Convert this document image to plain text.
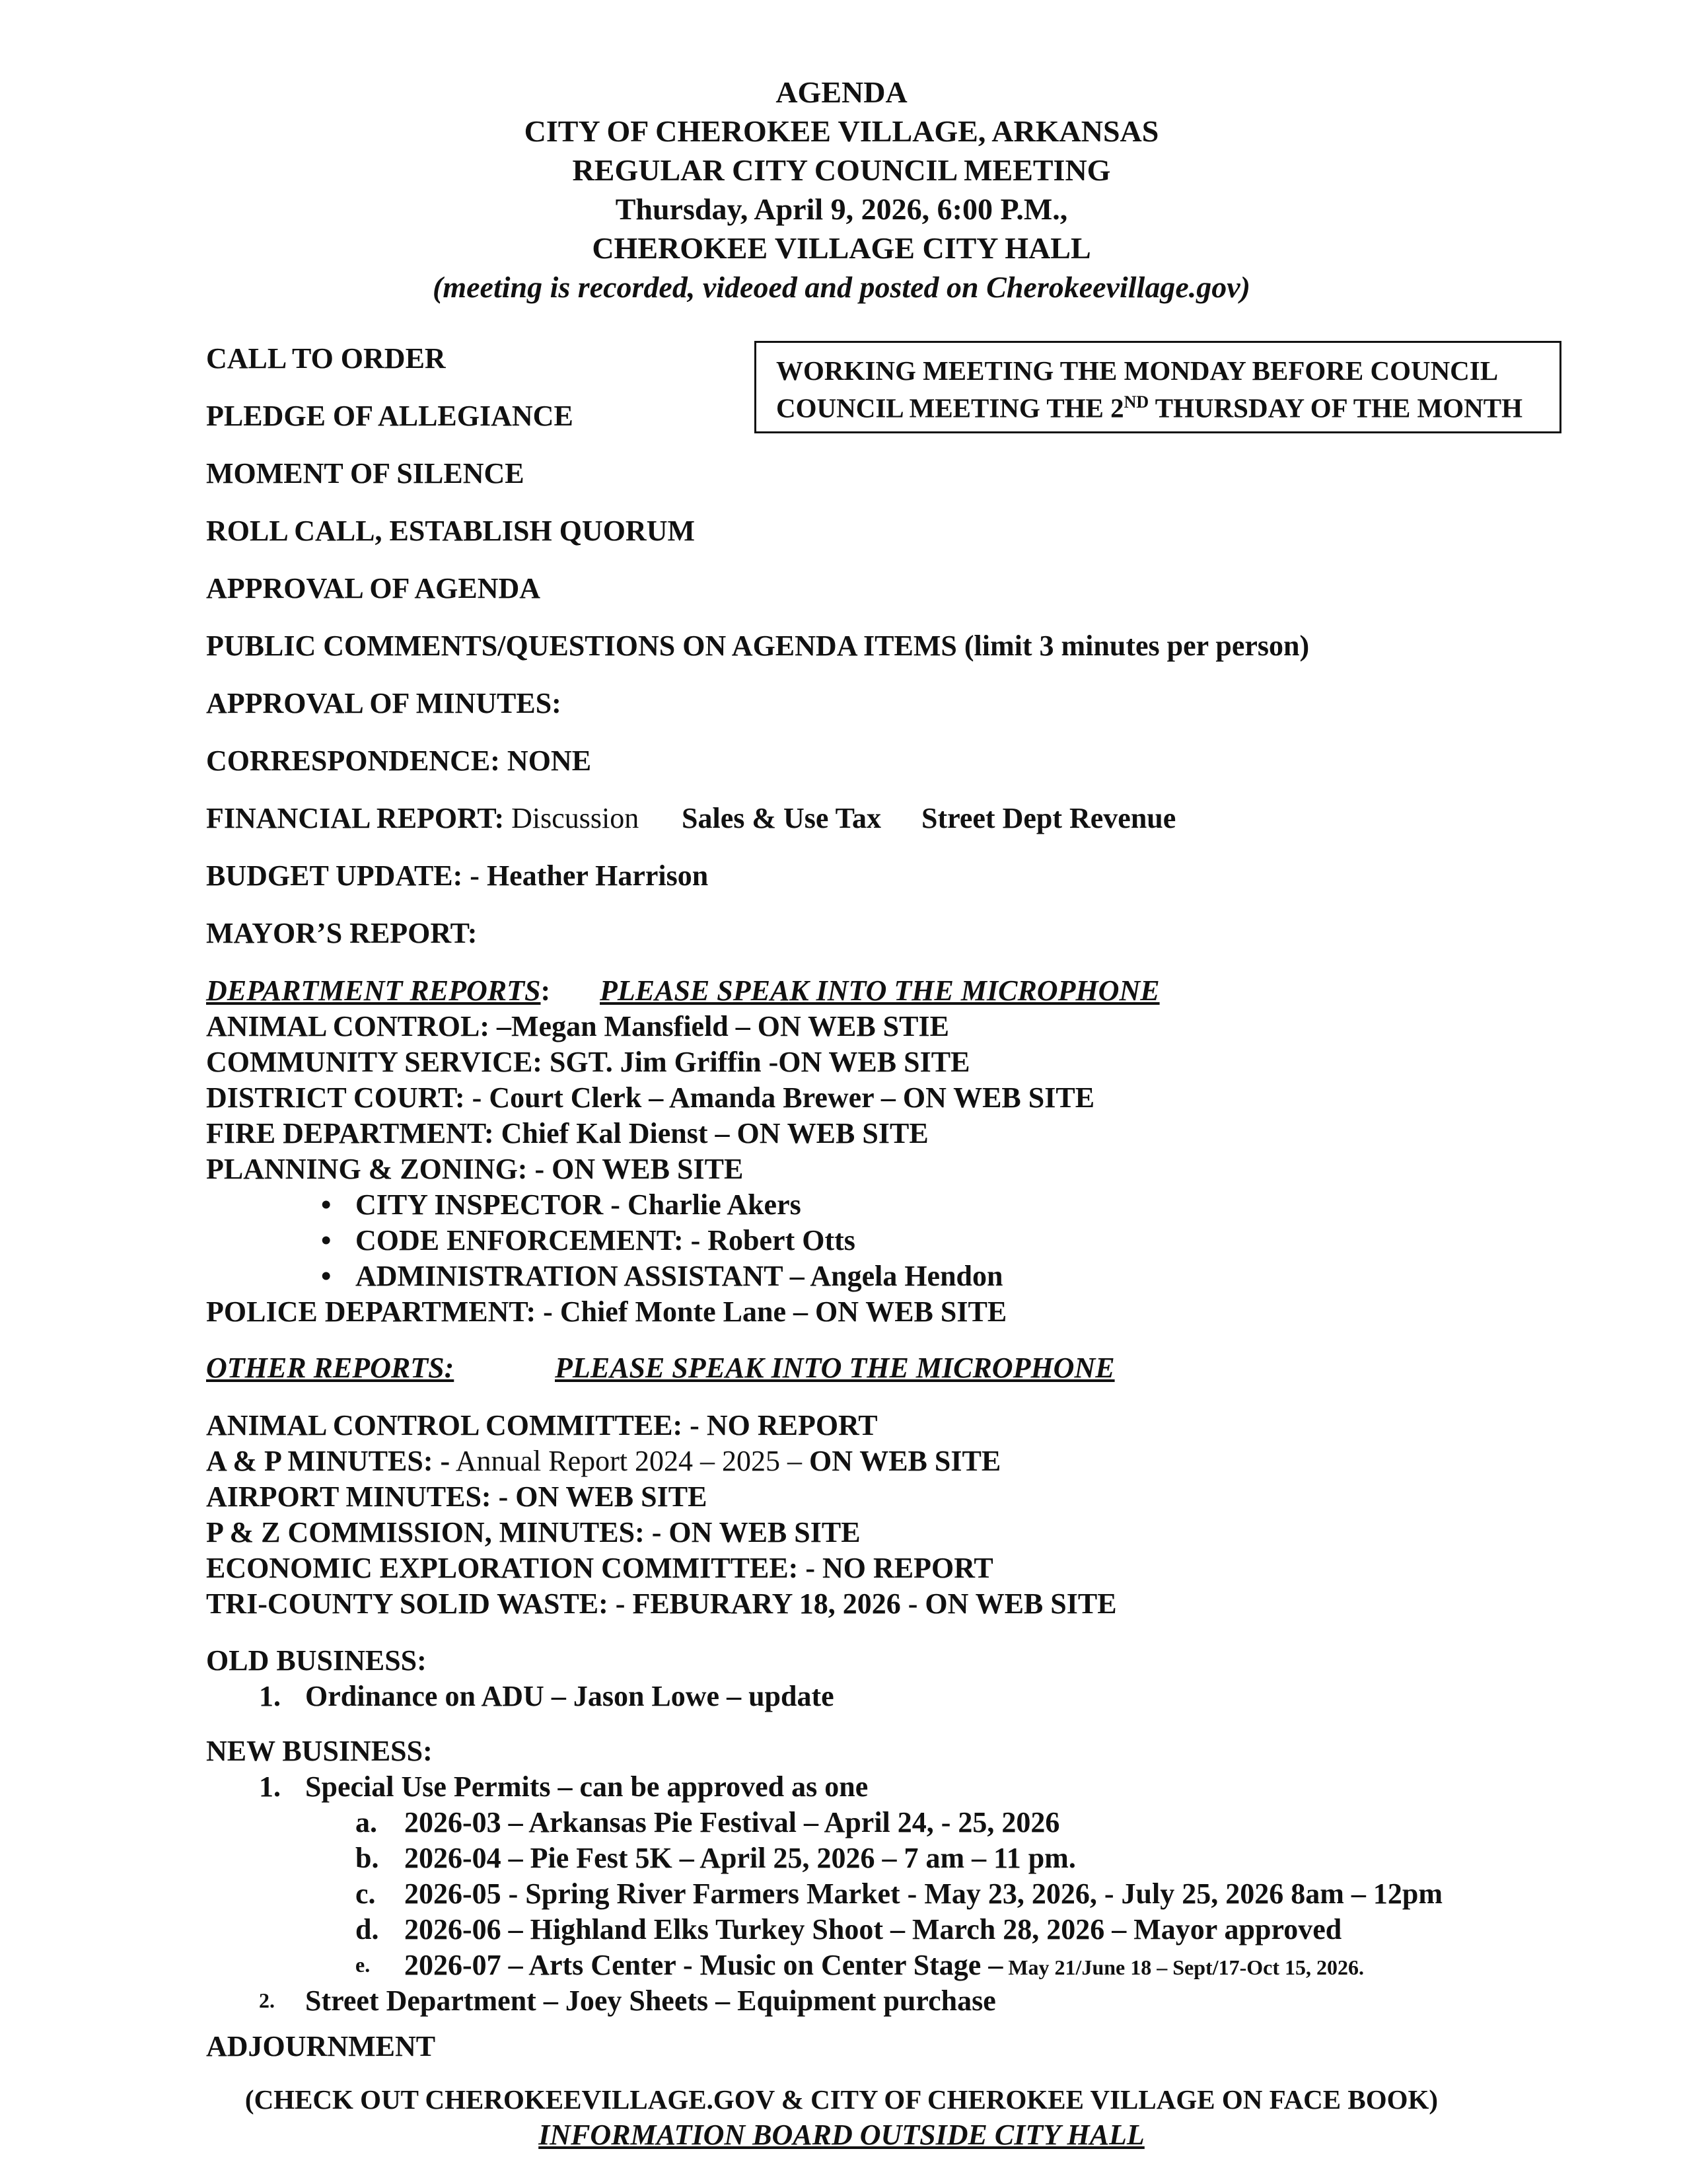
AGENDA
CITY OF CHEROKEE VILLAGE, ARKANSAS
REGULAR CITY COUNCIL MEETING
Thursday, April 9, 2026, 6:00 P.M.,
CHEROKEE VILLAGE CITY HALL
(meeting is recorded, videoed and posted on Cherokeevillage.gov)
WORKING MEETING THE MONDAY BEFORE COUNCIL
COUNCIL MEETING THE 2ND THURSDAY OF THE MONTH
CALL TO ORDER
PLEDGE OF ALLEGIANCE
MOMENT OF SILENCE
ROLL CALL, ESTABLISH QUORUM
APPROVAL OF AGENDA
PUBLIC COMMENTS/QUESTIONS ON AGENDA ITEMS (limit 3 minutes per person)
APPROVAL OF MINUTES:
CORRESPONDENCE: NONE
FINANCIAL REPORT: Discussion Sales & Use Tax Street Dept Revenue
BUDGET UPDATE: - Heather Harrison
MAYOR’S REPORT:
DEPARTMENT REPORTS: PLEASE SPEAK INTO THE MICROPHONE
ANIMAL CONTROL: –Megan Mansfield – ON WEB STIE
COMMUNITY SERVICE: SGT. Jim Griffin -ON WEB SITE
DISTRICT COURT: - Court Clerk – Amanda Brewer – ON WEB SITE
FIRE DEPARTMENT: Chief Kal Dienst – ON WEB SITE
PLANNING & ZONING: - ON WEB SITE
• CITY INSPECTOR - Charlie Akers
• CODE ENFORCEMENT: - Robert Otts
• ADMINISTRATION ASSISTANT – Angela Hendon
POLICE DEPARTMENT: - Chief Monte Lane – ON WEB SITE
OTHER REPORTS:	PLEASE SPEAK INTO THE MICROPHONE
ANIMAL CONTROL COMMITTEE: - NO REPORT
A & P MINUTES: - Annual Report 2024 – 2025 – ON WEB SITE
AIRPORT MINUTES: - ON WEB SITE
P & Z COMMISSION, MINUTES: - ON WEB SITE
ECONOMIC EXPLORATION COMMITTEE: - NO REPORT
TRI-COUNTY SOLID WASTE: - FEBURARY 18, 2026 - ON WEB SITE
OLD BUSINESS:
1. Ordinance on ADU – Jason Lowe – update
NEW BUSINESS:
1. Special Use Permits – can be approved as one
a. 2026-03 – Arkansas Pie Festival – April 24, - 25, 2026
b. 2026-04 – Pie Fest 5K – April 25, 2026 – 7 am – 11 pm.
c. 2026-05 - Spring River Farmers Market - May 23, 2026, - July 25, 2026 8am – 12pm
d. 2026-06 – Highland Elks Turkey Shoot – March 28, 2026 – Mayor approved
e. 2026-07 – Arts Center - Music on Center Stage – May 21/June 18 – Sept/17-Oct 15, 2026.
2. Street Department – Joey Sheets – Equipment purchase
ADJOURNMENT
(CHECK OUT CHEROKEEVILLAGE.GOV & CITY OF CHEROKEE VILLAGE ON FACE BOOK)
INFORMATION BOARD OUTSIDE CITY HALL
